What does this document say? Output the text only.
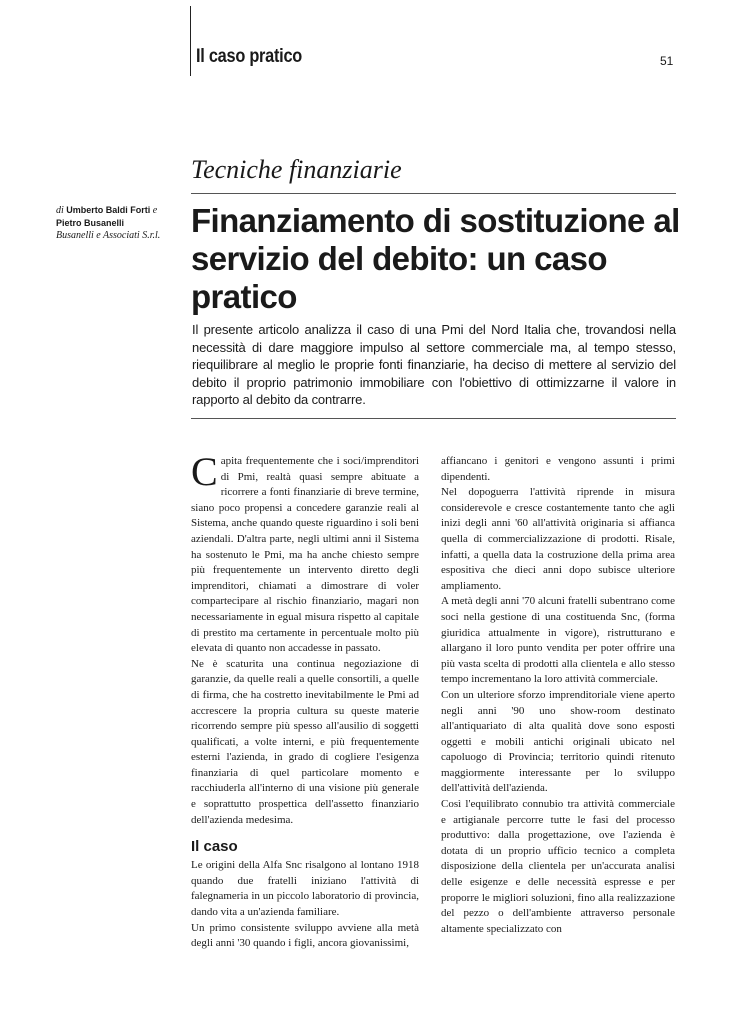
Il caso pratico	51
Tecniche finanziarie
di Umberto Baldi Forti e
Pietro Busanelli
Busanelli e Associati S.r.l. Finanziamento di sostituzione al servizio del debito: un caso pratico

Il presente articolo analizza il caso di una Pmi del Nord Italia che, trovandosi nella necessità di dare maggiore impulso al settore commerciale ma, al tempo stesso, riequilibrare al meglio le proprie fonti finanziarie, ha deciso di mettere al servizio del debito il proprio patrimonio immobiliare con l'obiettivo di ottimizzarne il valore in rapporto al debito da contrarre.

Capita frequentemente che i soci/imprenditori di Pmi, realtà quasi sempre abituate a ricorrere a fonti finanziarie di breve termine, siano poco propensi a concedere garanzie reali al Sistema, anche quando queste riguardino i soli beni aziendali. D'altra parte, negli ultimi anni il Sistema ha sostenuto le Pmi, ma ha anche chiesto sempre più frequentemente un intervento diretto degli imprenditori, chiamati a dimostrare di voler compartecipare al rischio finanziario, magari non necessariamente in egual misura rispetto al capitale di prestito ma certamente in percentuale molto più elevata di quanto non accadesse in passato.

Ne è scaturita una continua negoziazione di garanzie, da quelle reali a quelle consortili, a quelle di firma, che ha costretto inevitabilmente le Pmi ad accrescere la propria cultura su queste materie ricorrendo sempre più spesso all'ausilio di soggetti qualificati, a volte interni, e più frequentemente esterni l'azienda, in grado di cogliere l'esigenza finanziaria di quel particolare momento e racchiuderla all'interno di una visione più generale e soprattutto prospettica dell'assetto finanziario dell'azienda medesima.

Il caso

Le origini della Alfa Snc risalgono al lontano 1918 quando due fratelli iniziano l'attività di falegnameria in un piccolo laboratorio di provincia, dando vita a un'azienda familiare.

Un primo consistente sviluppo avviene alla metà degli anni '30 quando i figli, ancora giovanissimi,

affiancano i genitori e vengono assunti i primi dipendenti.

Nel dopoguerra l'attività riprende in misura considerevole e cresce costantemente tanto che agli inizi degli anni '60 all'attività originaria si affianca quella di commercializzazione di prodotti. Risale, infatti, a quella data la costruzione della prima area espositiva che dieci anni dopo subisce ulteriore ampliamento.

A metà degli anni '70 alcuni fratelli subentrano come soci nella gestione di una costituenda Snc, (forma giuridica attualmente in vigore), ristrutturano e allargano il loro punto vendita per poter offrire una più vasta scelta di prodotti alla clientela e allo stesso tempo incrementano la loro attività commerciale.

Con un ulteriore sforzo imprenditoriale viene aperto negli anni '90 uno show-room destinato all'antiquariato di alta qualità dove sono esposti oggetti e mobili antichi originali ubicato nel capoluogo di Provincia; territorio quindi ritenuto maggiormente interessante per lo sviluppo dell'attività dell'azienda.

Così l'equilibrato connubio tra attività commerciale e artigianale percorre tutte le fasi del processo produttivo: dalla progettazione, ove l'azienda è dotata di un proprio ufficio tecnico a completa disposizione della clientela per un'accurata analisi delle esigenze e delle necessità espresse e per proporre le migliori soluzioni, fino alla realizzazione del pezzo o dell'ambiente attraverso personale altamente specializzato con
